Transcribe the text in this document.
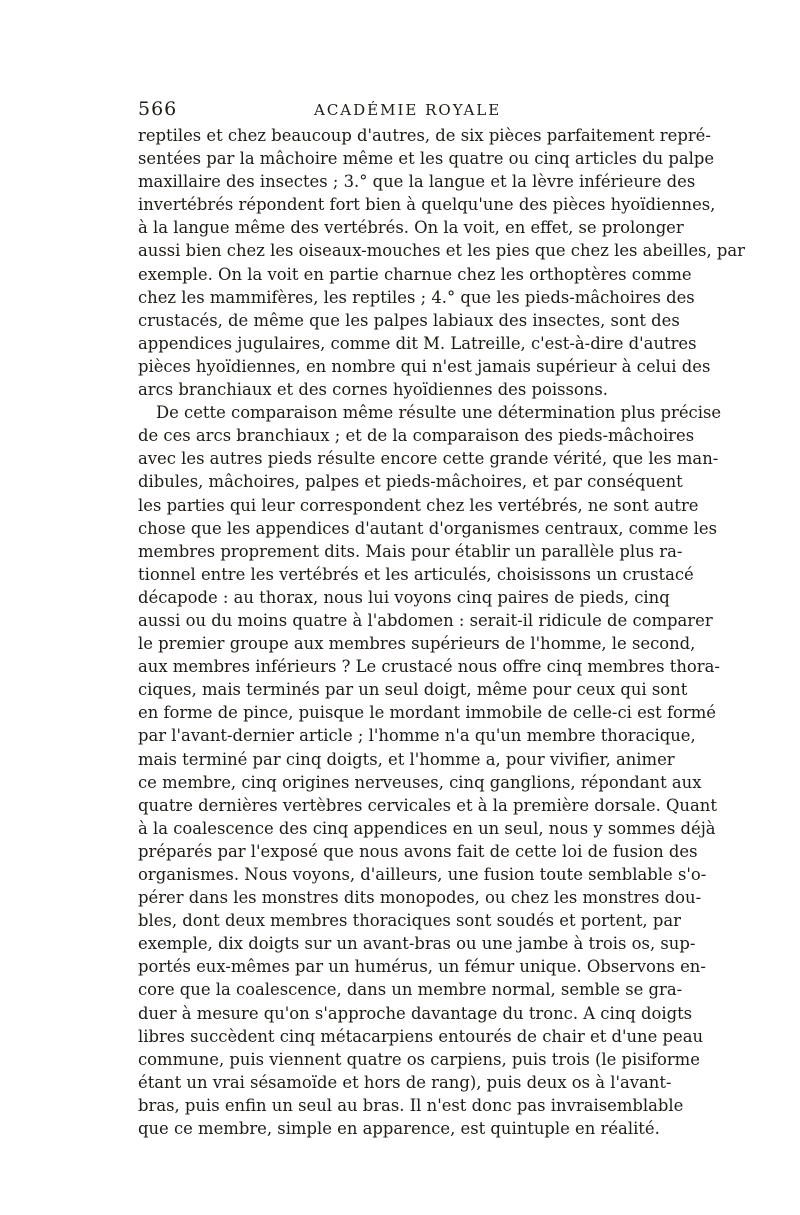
566	ACADÉMIE ROYALE
reptiles et chez beaucoup d'autres, de six pièces parfaitement repré-
sentées par la mâchoire même et les quatre ou cinq articles du palpe
maxillaire des insectes ; 3.° que la langue et la lèvre inférieure des
invertébrés répondent fort bien à quelqu'une des pièces hyoïdiennes,
à la langue même des vertébrés. On la voit, en effet, se prolonger
aussi bien chez les oiseaux-mouches et les pies que chez les abeilles, par
exemple. On la voit en partie charnue chez les orthoptères comme
chez les mammifères, les reptiles ; 4.° que les pieds-mâchoires des
crustacés, de même que les palpes labiaux des insectes, sont des
appendices jugulaires, comme dit M. Latreille, c'est-à-dire d'autres
pièces hyoïdiennes, en nombre qui n'est jamais supérieur à celui des
arcs branchiaux et des cornes hyoïdiennes des poissons.
De cette comparaison même résulte une détermination plus précise
de ces arcs branchiaux ; et de la comparaison des pieds-mâchoires
avec les autres pieds résulte encore cette grande vérité, que les man-
dibules, mâchoires, palpes et pieds-mâchoires, et par conséquent
les parties qui leur correspondent chez les vertébrés, ne sont autre
chose que les appendices d'autant d'organismes centraux, comme les
membres proprement dits. Mais pour établir un parallèle plus ra-
tionnel entre les vertébrés et les articulés, choisissons un crustacé
décapode : au thorax, nous lui voyons cinq paires de pieds, cinq
aussi ou du moins quatre à l'abdomen : serait-il ridicule de comparer
le premier groupe aux membres supérieurs de l'homme, le second,
aux membres inférieurs ? Le crustacé nous offre cinq membres thora-
ciques, mais terminés par un seul doigt, même pour ceux qui sont
en forme de pince, puisque le mordant immobile de celle-ci est formé
par l'avant-dernier article ; l'homme n'a qu'un membre thoracique,
mais terminé par cinq doigts, et l'homme a, pour vivifier, animer
ce membre, cinq origines nerveuses, cinq ganglions, répondant aux
quatre dernières vertèbres cervicales et à la première dorsale. Quant
à la coalescence des cinq appendices en un seul, nous y sommes déjà
préparés par l'exposé que nous avons fait de cette loi de fusion des
organismes. Nous voyons, d'ailleurs, une fusion toute semblable s'o-
pérer dans les monstres dits monopodes, ou chez les monstres dou-
bles, dont deux membres thoraciques sont soudés et portent, par
exemple, dix doigts sur un avant-bras ou une jambe à trois os, sup-
portés eux-mêmes par un humérus, un fémur unique. Observons en-
core que la coalescence, dans un membre normal, semble se gra-
duer à mesure qu'on s'approche davantage du tronc. A cinq doigts
libres succèdent cinq métacarpiens entourés de chair et d'une peau
commune, puis viennent quatre os carpiens, puis trois (le pisiforme
étant un vrai sésamoïde et hors de rang), puis deux os à l'avant-
bras, puis enfin un seul au bras. Il n'est donc pas invraisemblable
que ce membre, simple en apparence, est quintuple en réalité.
